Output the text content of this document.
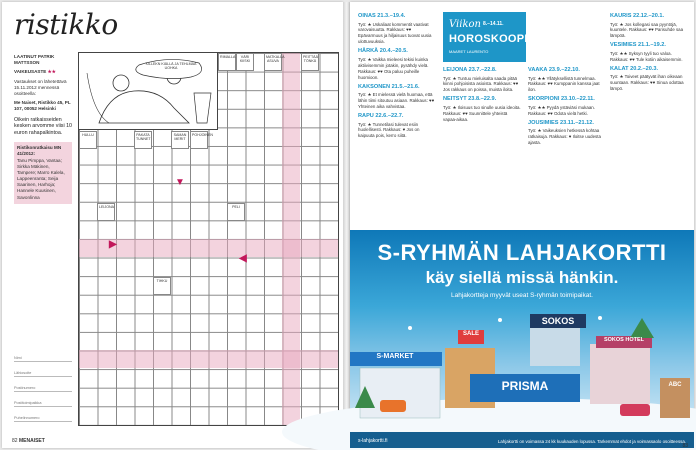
ristikko

LAATINUT PATRIK MATTSSON

VAIKEUSASTE ★★

Vastaukset on lähetettävä 15.11.2012 mennessä osoitteella:

Me Naiset, Ristikko 45, PL 107, 00052 Helsinki

Oikein ratkaisseiden kesken arvomme viisi 10 euron rahapalkintoa.

Ristikonratkaisu MN 41/2012:
Tanu Pimppa, Vantaa; Sirkka Mäkinen, Tampere; Marro Kalela, Lappeenranta; Seija Saarinen, Harhoja; Hannele Kuusinen, Savonlinna
Nimi
Lähiosoite
Postinumero
Postitoimipaikka
Puhelinnumero
KILLEKN KIÄLLÄ JA TEHLMAA UOHKA
RIMALLA	VÄRI KIISKI
MATKALLA ASUVA
PEITTÄÄ TÖNKÄ
HULLU	PAKATA TUNNET
SAMAN MERIT
POHJOINEN
LEIJONA	PELI
TIHKU
▶
▼
◀
82 MENAISET
OINAS 21.3.–19.4.

Työ: ★ Uskaliaat kommentit vaativat varovaisuutta. Rakkaus: ♥♥ Epävarmuus ja hiljaisuus tuovat uusia ulottuvuuksia.

HÄRKÄ 20.4.–20.5.

Työ: ★ Vaikka mieleesi tekisi kuinka aktiivisemmin jotakin, pysähdy vielä. Rakkaus: ♥♥ Ota paluu puheille huomioon.

KAKSONEN 21.5.–21.6.

Työ: ★ Et mielessä vielä huomaa, että lähin tiimi sitoutuu asiaan. Rakkaus: ♥♥ Yhteinen aika vahvistaa.

RAPU 22.6.–22.7.

Työ: ★ Tunnetilasi tulevat esiin huolellisesti. Rakkaus: ♥ Jos on kaipuuta pois, kerro siitä.

Viikon 8.–14.11.
HOROSKOOPPI
MAARET LAURENTO
LEIJONA 23.7.–22.8.

Työ: ★ Tuntuu mieluisalta saada pitää kiinni pohjoisista asioista. Rakkaus: ♥♥ Jos rakkaus on poissa, muista iloita.

NEITSYT 23.8.–22.9.

Työ: ★ Iloisuus tuo sinulle uusia ideoita. Rakkaus: ♥♥ Suunnittele yhteistä vapaa-aikaa.

VAAKA 23.9.–22.10.

Työ: ★★ Yllätyksellistä tunnelmaa. Rakkaus: ♥♥ Kumppanin kanssa jaat ilon.

SKORPIONI 23.10.–22.11.

Työ: ★★ Pyydä ystäviäsi mukaan. Rakkaus: ♥♥ Odota vielä hetki.

JOUSIMIES 23.11.–21.12.

Työ: ★ Vaikeuksien hetkessä kohtaa ratkaisuja. Rakkaus: ♥ Iloitse uudesta ajasta.

KAURIS 22.12.–20.1.

Työ: ★ Jos kollegasi saa pyyntöjä, kuuntele. Rakkaus: ♥♥ Parisuhde saa lämpöä.

VESIMIES 21.1.–19.2.

Työ: ★★ Syksyn tyyli tuo valoa. Rakkaus: ♥♥ Tule kotiin aikaisemmin.

KALAT 20.2.–20.3.

Työ: ★ Toiveet päätyvät ihan oikeaan suuntaan. Rakkaus: ♥♥ Sinua odottaa lämpö.

S-RYHMÄN LAHJAKORTTI
käy siellä missä hänkin.
Lahjakortteja myyvät useat S-ryhmän toimipaikat.
S-MARKET
SALE
SOKOS
SOKOS HOTEL
PRISMA	ABC
s-lahjakortti.fi	Lahjakortti on voimassa 24 kk kuukauden lopussa. Tarkemmat ehdot ja voimassaolo osoitteessa.
83
